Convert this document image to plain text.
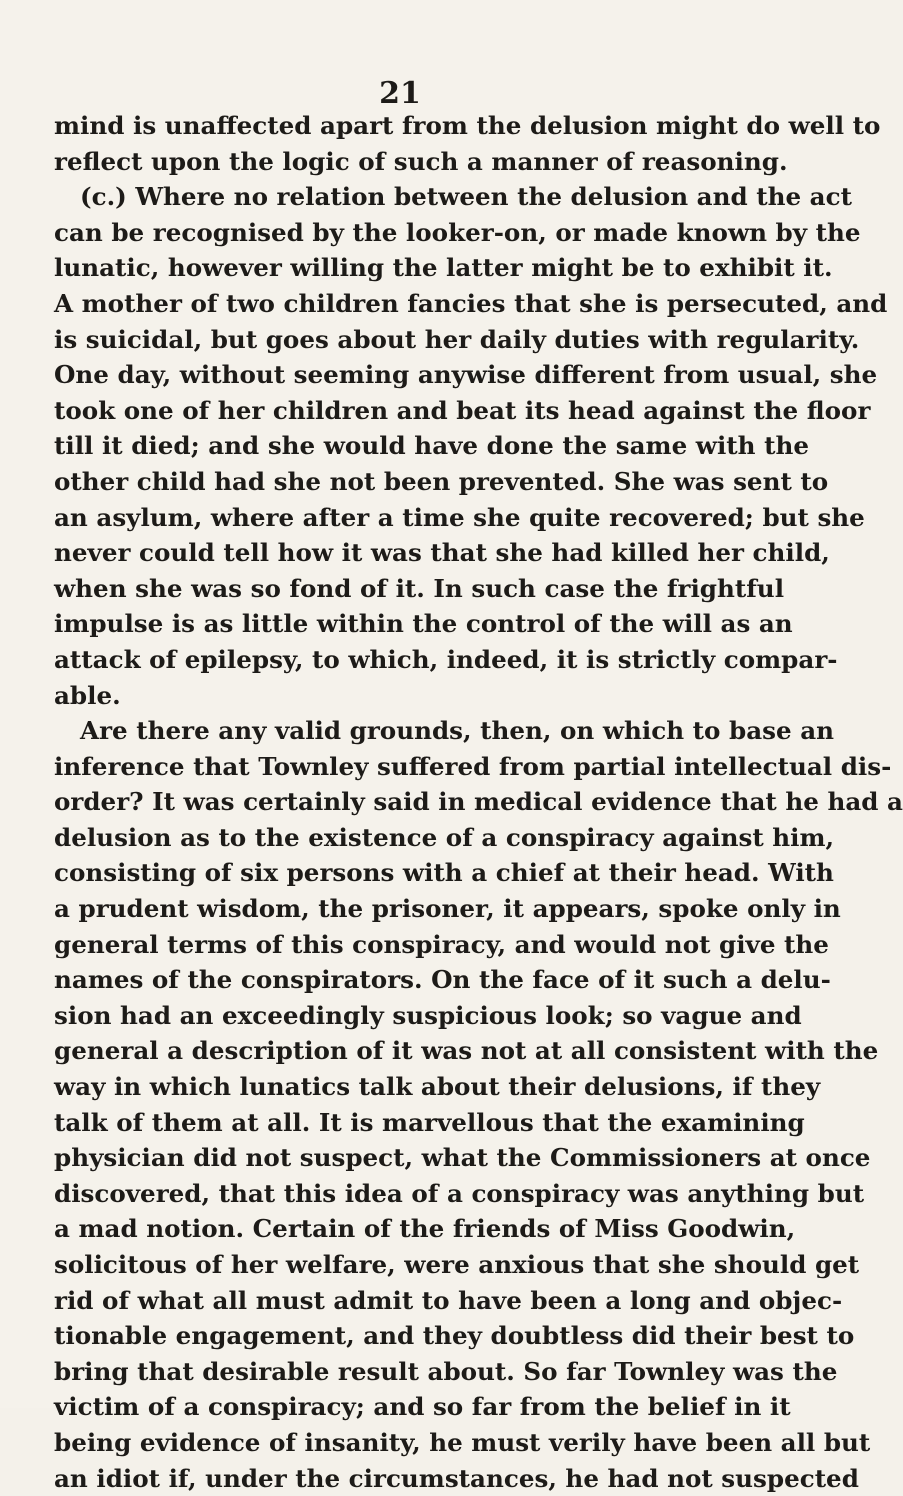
21
mind is unaffected apart from the delusion might do well to
reflect upon the logic of such a manner of reasoning.
(c.) Where no relation between the delusion and the act
can be recognised by the looker-on, or made known by the
lunatic, however willing the latter might be to exhibit it.
A mother of two children fancies that she is persecuted, and
is suicidal, but goes about her daily duties with regularity.
One day, without seeming anywise different from usual, she
took one of her children and beat its head against the floor
till it died; and she would have done the same with the
other child had she not been prevented. She was sent to
an asylum, where after a time she quite recovered; but she
never could tell how it was that she had killed her child,
when she was so fond of it. In such case the frightful
impulse is as little within the control of the will as an
attack of epilepsy, to which, indeed, it is strictly compar-
able.
Are there any valid grounds, then, on which to base an
inference that Townley suffered from partial intellectual dis-
order? It was certainly said in medical evidence that he had a
delusion as to the existence of a conspiracy against him,
consisting of six persons with a chief at their head. With
a prudent wisdom, the prisoner, it appears, spoke only in
general terms of this conspiracy, and would not give the
names of the conspirators. On the face of it such a delu-
sion had an exceedingly suspicious look; so vague and
general a description of it was not at all consistent with the
way in which lunatics talk about their delusions, if they
talk of them at all. It is marvellous that the examining
physician did not suspect, what the Commissioners at once
discovered, that this idea of a conspiracy was anything but
a mad notion. Certain of the friends of Miss Goodwin,
solicitous of her welfare, were anxious that she should get
rid of what all must admit to have been a long and objec-
tionable engagement, and they doubtless did their best to
bring that desirable result about. So far Townley was the
victim of a conspiracy; and so far from the belief in it
being evidence of insanity, he must verily have been all but
an idiot if, under the circumstances, he had not suspected
